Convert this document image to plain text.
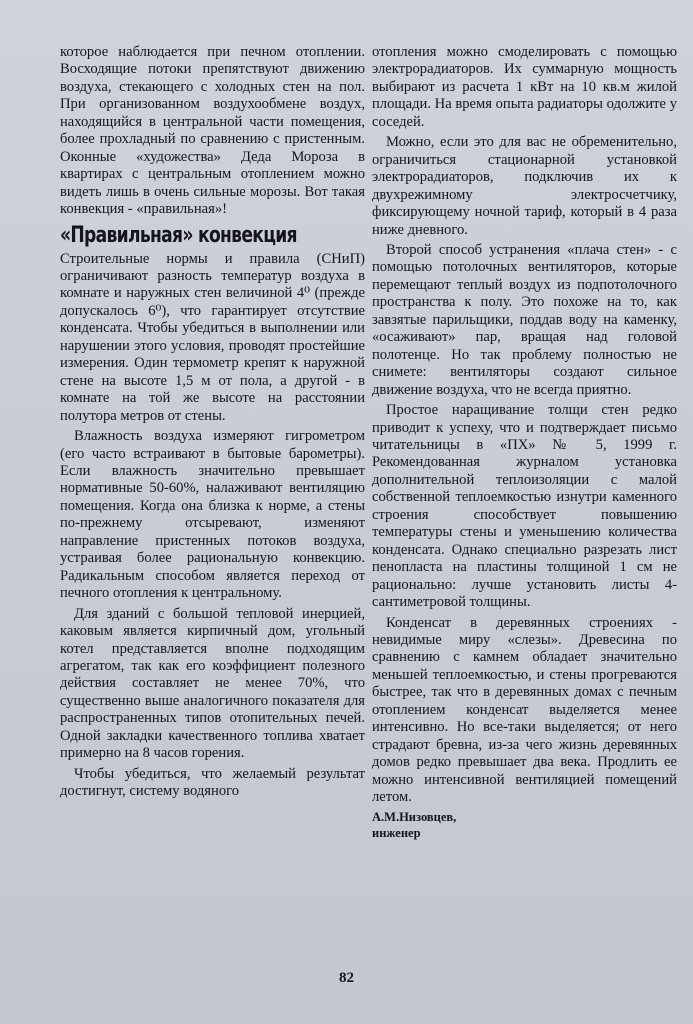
которое наблюдается при печном отоплении. Восходящие потоки препятствуют движению воздуха, стекающего с холодных стен на пол. При организованном воздухообмене воздух, находящийся в центральной части помещения, более прохладный по сравнению с пристенным. Оконные «художества» Деда Мороза в квартирах с центральным отоплением можно видеть лишь в очень сильные морозы. Вот такая конвекция - «правильная»!

«Правильная» конвекция

Строительные нормы и правила (СНиП) ограничивают разность температур воздуха в комнате и наружных стен величиной 4⁰ (прежде допускалось 6⁰), что гарантирует отсутствие конденсата. Чтобы убедиться в выполнении или нарушении этого условия, проводят простейшие измерения. Один термометр крепят к наружной стене на высоте 1,5 м от пола, а другой - в комнате на той же высоте на расстоянии полутора метров от стены.

Влажность воздуха измеряют гигрометром (его часто встраивают в бытовые барометры). Если влажность значительно превышает нормативные 50-60%, налаживают вентиляцию помещения. Когда она близка к норме, а стены по-прежнему отсыревают, изменяют направление пристенных потоков воздуха, устраивая более рациональную конвекцию. Радикальным способом является переход от печного отопления к центральному.

Для зданий с большой тепловой инерцией, каковым является кирпичный дом, угольный котел представляется вполне подходящим агрегатом, так как его коэффициент полезного действия составляет не менее 70%, что существенно выше аналогичного показателя для распространенных типов отопительных печей. Одной закладки качественного топлива хватает примерно на 8 часов горения.

Чтобы убедиться, что желаемый результат достигнут, систему водяного

отопления можно смоделировать с помощью электрорадиаторов. Их суммарную мощность выбирают из расчета 1 кВт на 10 кв.м жилой площади. На время опыта радиаторы одолжите у соседей.

Можно, если это для вас не обременительно, ограничиться стационарной установкой электрорадиаторов, подключив их к двухрежимному электросчетчику, фиксирующему ночной тариф, который в 4 раза ниже дневного.

Второй способ устранения «плача стен» - с помощью потолочных вентиляторов, которые перемещают теплый воздух из подпотолочного пространства к полу. Это похоже на то, как завзятые парильщики, поддав воду на каменку, «осаживают» пар, вращая над головой полотенце. Но так проблему полностью не снимете: вентиляторы создают сильное движение воздуха, что не всегда приятно.

Простое наращивание толщи стен редко приводит к успеху, что и подтверждает письмо читательницы в «ПХ» № 5, 1999 г. Рекомендованная журналом установка дополнительной теплоизоляции с малой собственной теплоемкостью изнутри каменного строения способствует повышению температуры стены и уменьшению количества конденсата. Однако специально разрезать лист пенопласта на пластины толщиной 1 см не рационально: лучше установить листы 4-сантиметровой толщины.

Конденсат в деревянных строениях - невидимые миру «слезы». Древесина по сравнению с камнем обладает значительно меньшей теплоемкостью, и стены прогреваются быстрее, так что в деревянных домах с печным отоплением конденсат выделяется менее интенсивно. Но все-таки выделяется; от него страдают бревна, из-за чего жизнь деревянных домов редко превышает два века. Продлить ее можно интенсивной вентиляцией помещений летом.

А.М.Низовцев,
инженер
82
